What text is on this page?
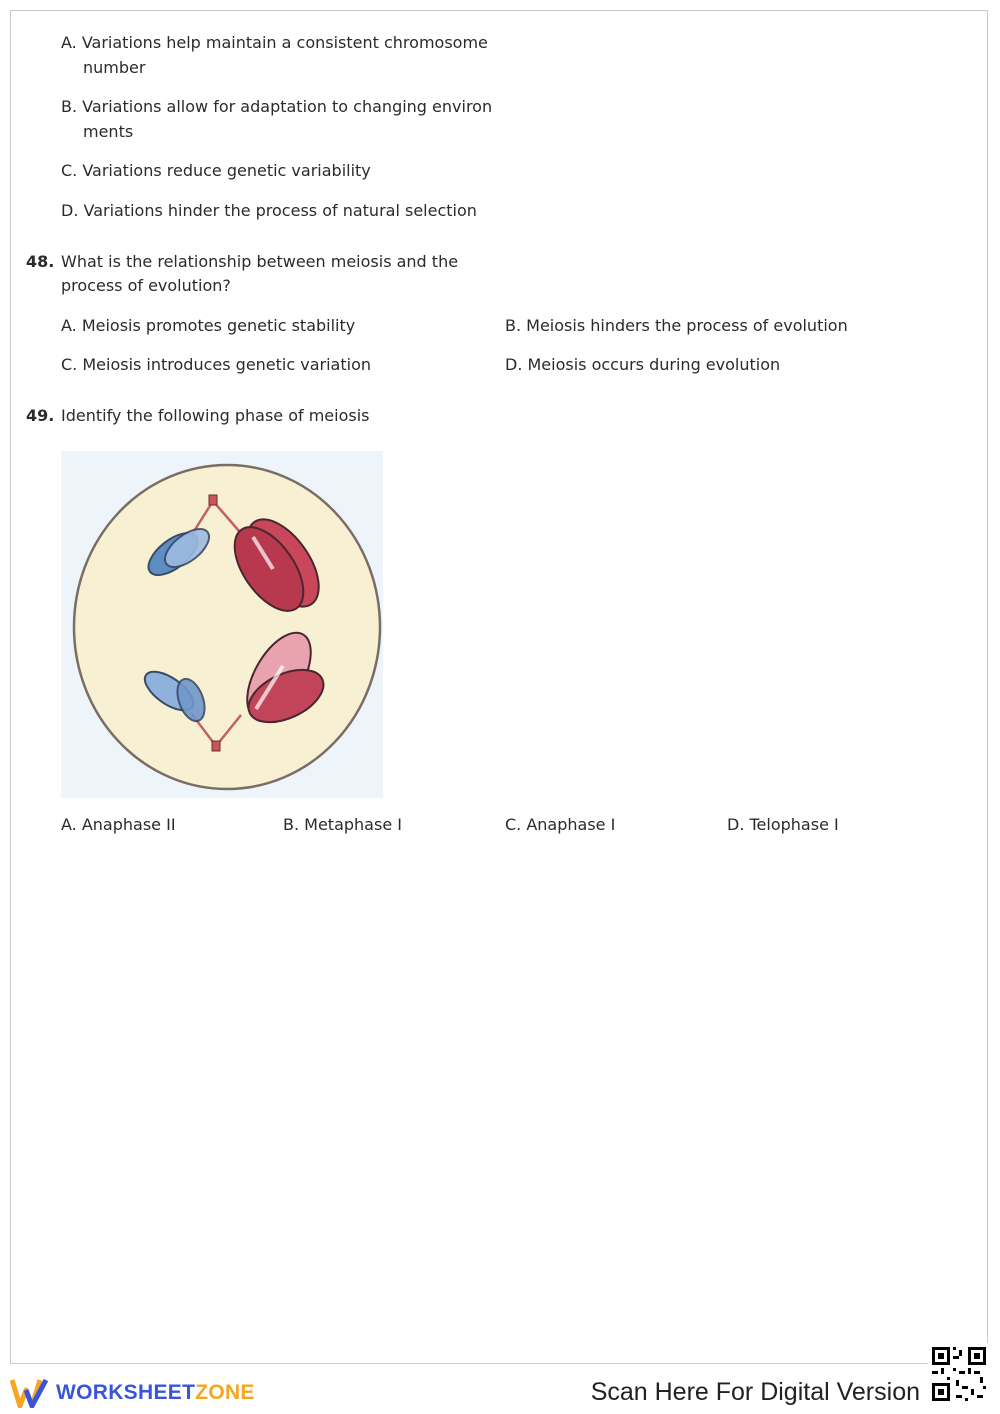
A. Variations help maintain a consistent chromosome
number
B. Variations allow for adaptation to changing environ
ments
C. Variations reduce genetic variability
D. Variations hinder the process of natural selection
48. What is the relationship between meiosis and the
process of evolution?
A. Meiosis promotes genetic stability	B. Meiosis hinders the process of evolution
C. Meiosis introduces genetic variation	D. Meiosis occurs during evolution
49. Identify the following phase of meiosis
A. Anaphase II	B. Metaphase I	C. Anaphase I	D. Telophase I
WORKSHEETZONE	Scan Here For Digital Version
